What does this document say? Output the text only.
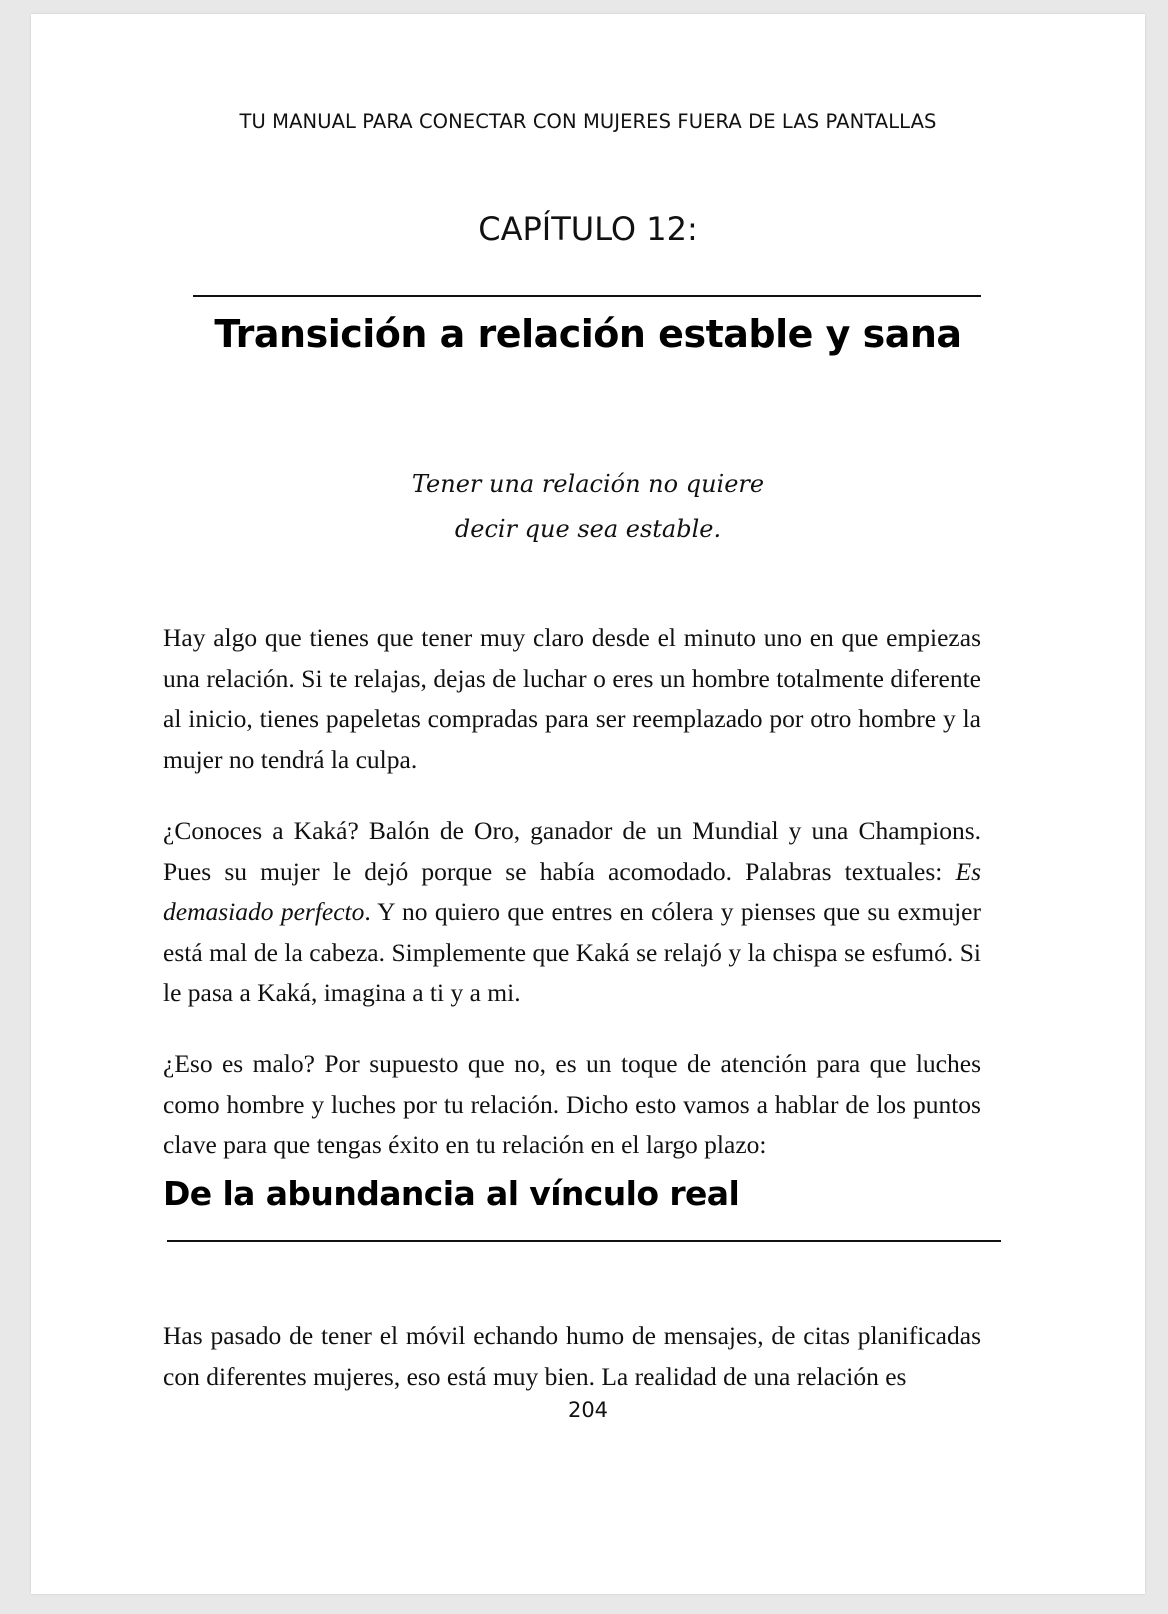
TU MANUAL PARA CONECTAR CON MUJERES FUERA DE LAS PANTALLAS
CAPÍTULO 12:
Transición a relación estable y sana
Tener una relación no quiere
decir que sea estable.

Hay algo que tienes que tener muy claro desde el minuto uno en que empiezas una relación. Si te relajas, dejas de luchar o eres un hombre totalmente diferente al inicio, tienes papeletas compradas para ser reemplazado por otro hombre y la mujer no tendrá la culpa.

¿Conoces a Kaká? Balón de Oro, ganador de un Mundial y una Champions. Pues su mujer le dejó porque se había acomodado. Palabras textuales: Es demasiado perfecto. Y no quiero que entres en cólera y pienses que su exmujer está mal de la cabeza. Simplemente que Kaká se relajó y la chispa se esfumó. Si le pasa a Kaká, imagina a ti y a mi.

¿Eso es malo? Por supuesto que no, es un toque de atención para que luches como hombre y luches por tu relación. Dicho esto vamos a hablar de los puntos clave para que tengas éxito en tu relación en el largo plazo:

De la abundancia al vínculo real

Has pasado de tener el móvil echando humo de mensajes, de citas planificadas con diferentes mujeres, eso está muy bien. La realidad de una relación es

204
